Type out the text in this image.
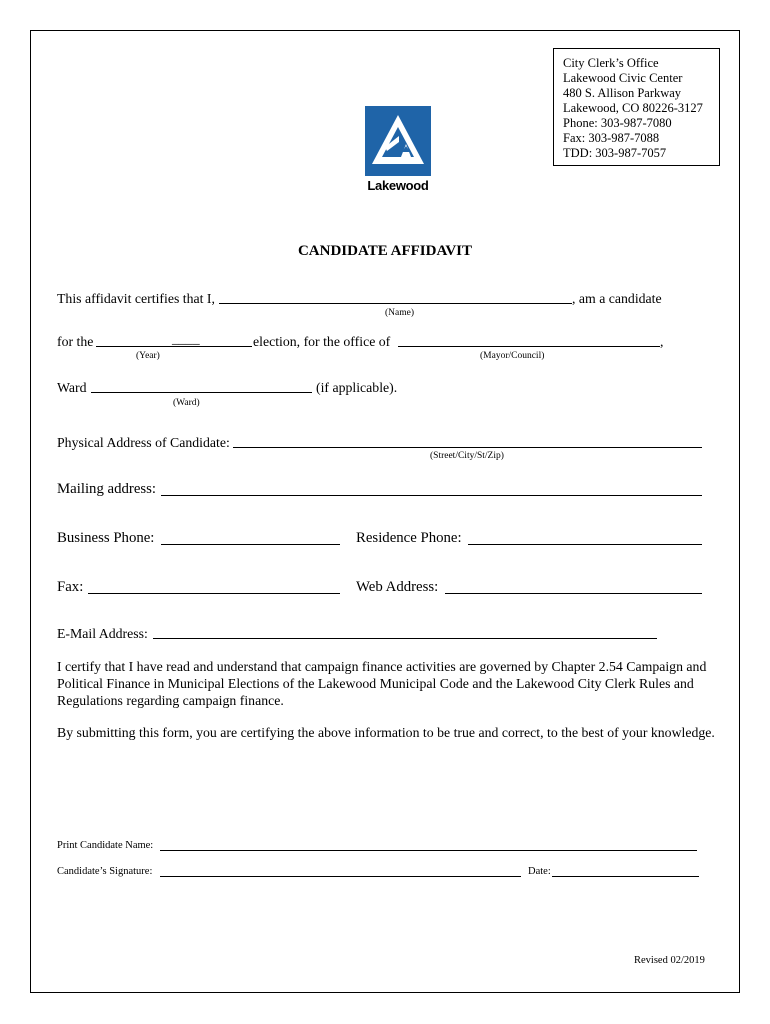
City Clerk’s Office
Lakewood Civic Center
480 S. Allison Parkway
Lakewood, CO 80226-3127
Phone: 303-987-7080
Fax: 303-987-7088
TDD: 303-987-7057
Lakewood
CANDIDATE AFFIDAVIT
This affidavit certifies that I,	, am a candidate
(Name)
for the	____	election, for the office of	,
(Year)	(Mayor/Council)
Ward	(if applicable).
(Ward)
Physical Address of Candidate:
(Street/City/St/Zip)
Mailing address:
Business Phone:	Residence Phone:
Fax:	Web Address:
E-Mail Address:
I certify that I have read and understand that campaign finance activities are governed by Chapter 2.54 Campaign and Political Finance in Municipal Elections of the Lakewood Municipal Code and the Lakewood City Clerk Rules and Regulations regarding campaign finance.
By submitting this form, you are certifying the above information to be true and correct, to the best of your knowledge.
Print Candidate Name:
Candidate’s Signature:	Date:
Revised 02/2019
